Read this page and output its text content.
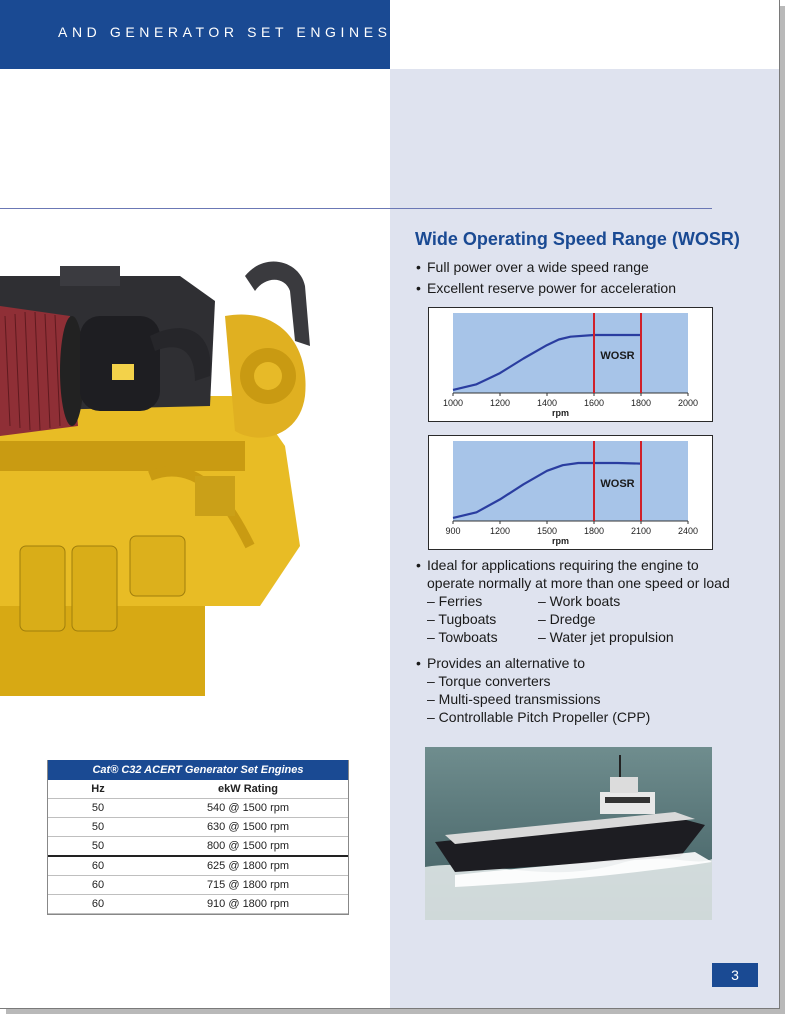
AND GENERATOR SET ENGINES
Wide Operating Speed Range (WOSR)
• Full power over a wide speed range
• Excellent reserve power for acceleration
WOSR
1000	1200	1400	1600	1800	2000
rpm
WOSR
900	1200	1500	1800	2100	2400
rpm
• Ideal for applications requiring the engine to
operate normally at more than one speed or load
– Ferries
– Tugboats
– Towboats
– Work boats
– Dredge
– Water jet propulsion
• Provides an alternative to
– Torque converters
– Multi-speed transmissions
– Controllable Pitch Propeller (CPP)
Cat® C32 ACERT Generator Set Engines
Hz	ekW Rating
50	540 @ 1500 rpm
50	630 @ 1500 rpm
50	800 @ 1500 rpm
60	625 @ 1800 rpm
60	715 @ 1800 rpm
60	910 @ 1800 rpm
3
